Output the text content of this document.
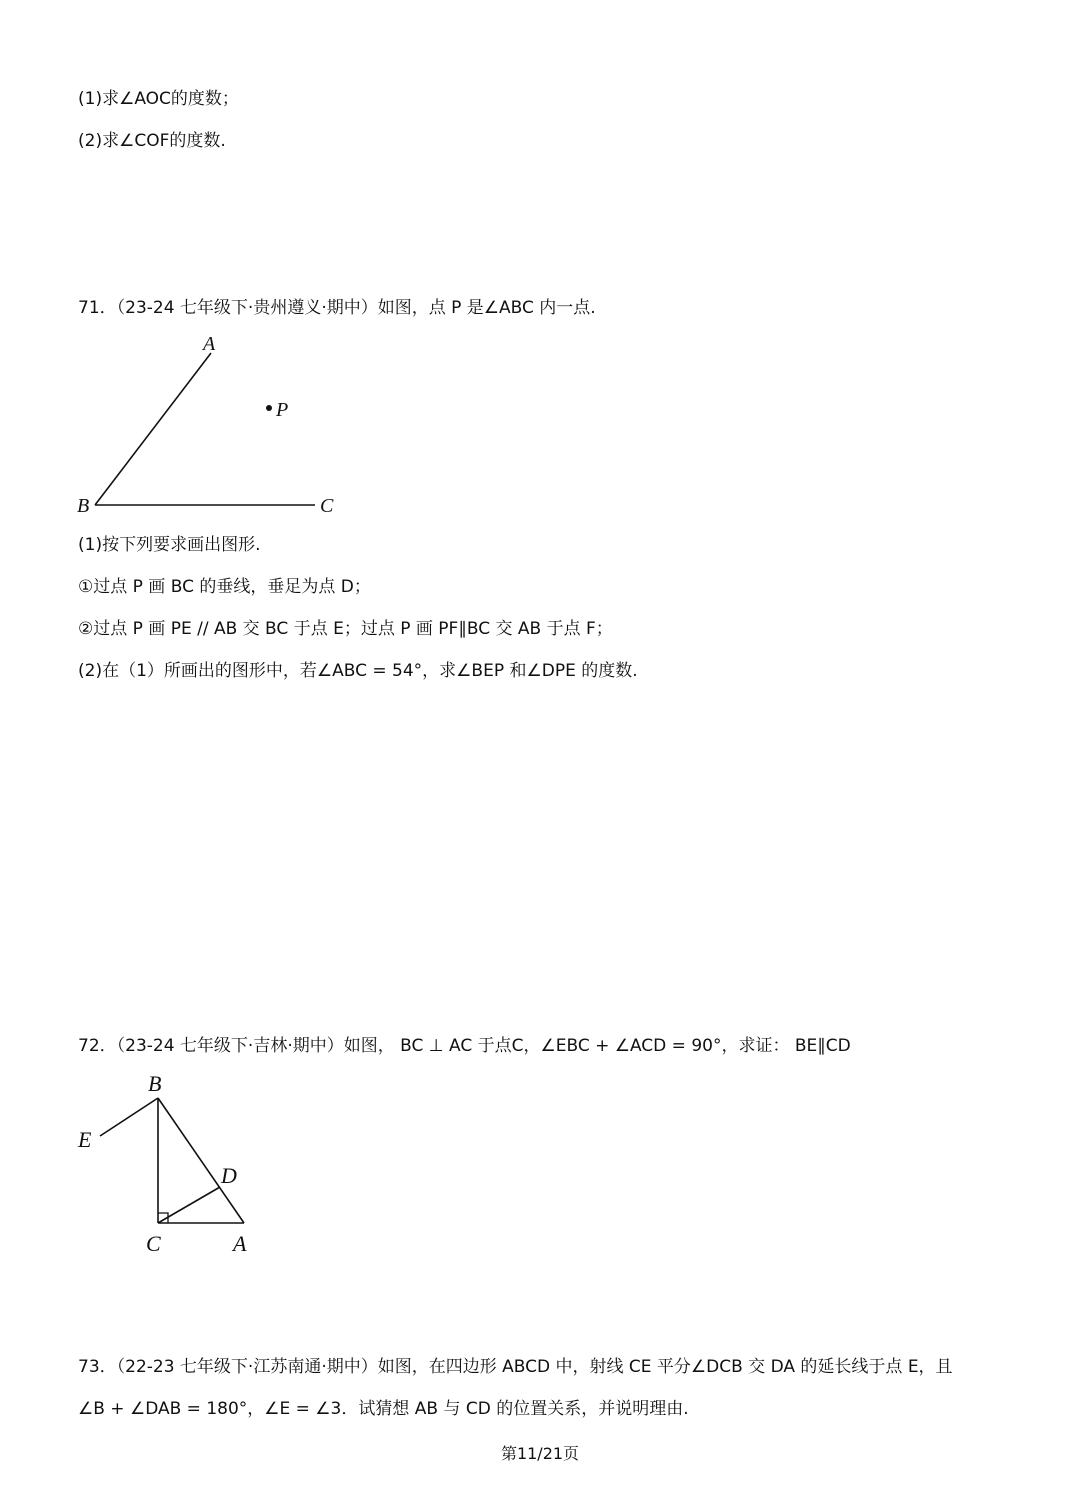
(1)求∠AOC的度数；
(2)求∠COF的度数.
71．（23-24 七年级下·贵州遵义·期中）如图，点 P 是∠ABC 内一点.
A
P
B	C
(1)按下列要求画出图形.
①过点 P 画 BC 的垂线，垂足为点 D；
②过点 P 画 PE // AB 交 BC 于点 E；过点 P 画 PF∥BC 交 AB 于点 F；
(2)在（1）所画出的图形中，若∠ABC = 54°，求∠BEP 和∠DPE 的度数.
72．（23-24 七年级下·吉林·期中）如图， BC ⊥ AC 于点C，∠EBC + ∠ACD = 90°，求证： BE∥CD
B
E
D
C	A
73．（22-23 七年级下·江苏南通·期中）如图，在四边形 ABCD 中，射线 CE 平分∠DCB 交 DA 的延长线于点 E，且
∠B + ∠DAB = 180°，∠E = ∠3．试猜想 AB 与 CD 的位置关系，并说明理由.
第11/21页
